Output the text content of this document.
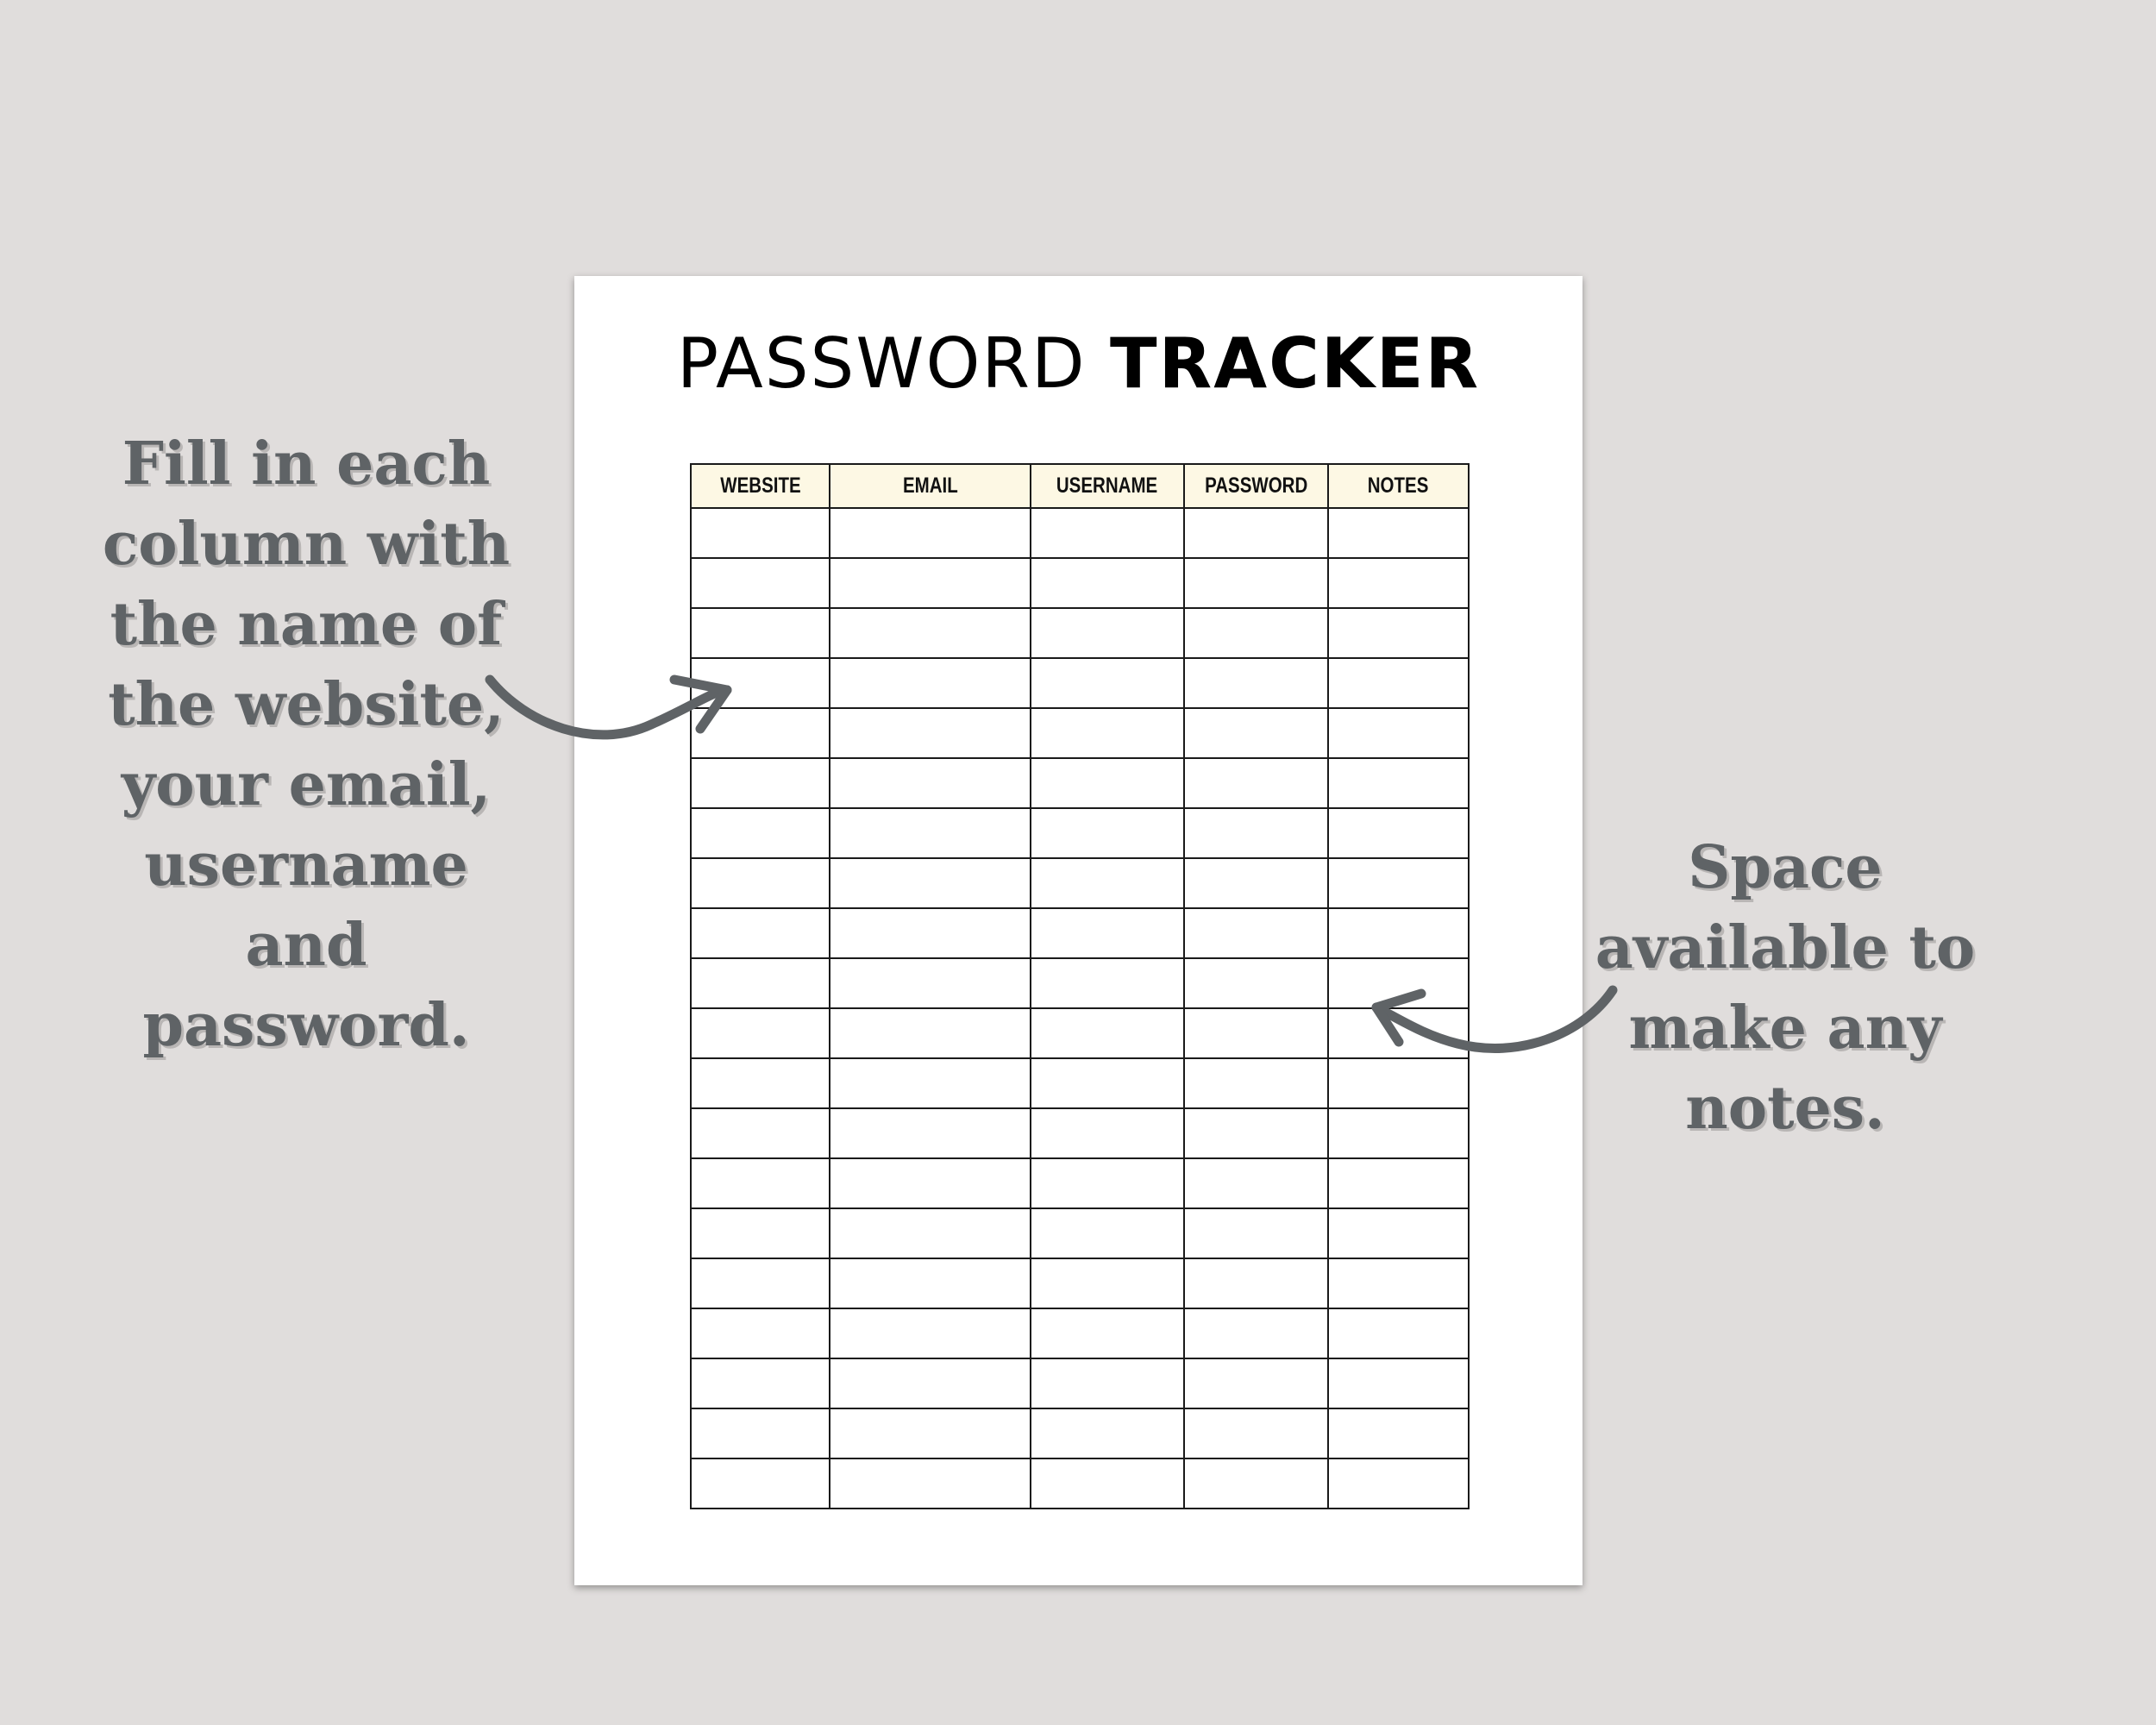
PASSWORD TRACKER
WEBSITE	EMAIL	USERNAME	PASSWORD	NOTES

Fill in each
column with
the name of
the website,
your email,
username
and
password.
Space
available to
make any
notes.
